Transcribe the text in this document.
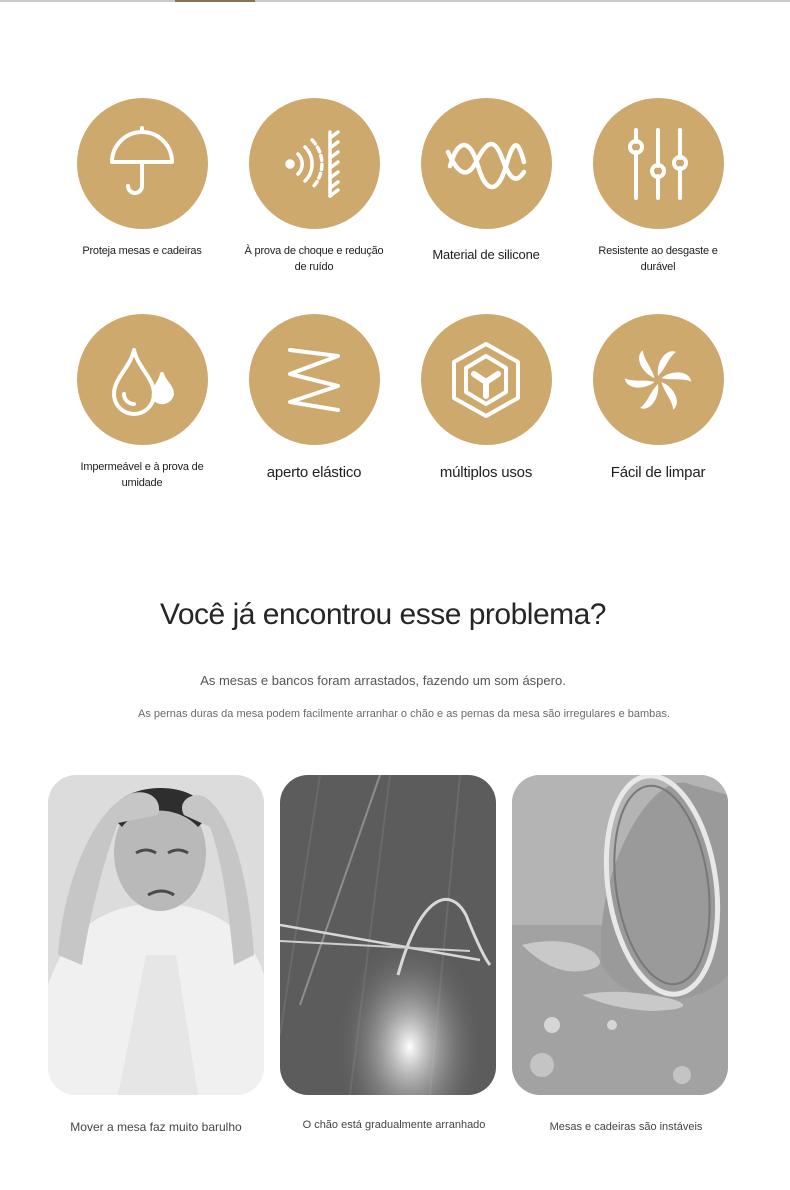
Proteja mesas e cadeiras	À prova de choque e redução de ruído
Material de silicone	Resistente ao desgaste e durável
Impermeável e à prova de umidade
aperto elástico	múltiplos usos	Fácil de limpar
Você já encontrou esse problema?
As mesas e bancos foram arrastados, fazendo um som áspero.
As pernas duras da mesa podem facilmente arranhar o chão e as pernas da mesa são irregulares e bambas.
Mover a mesa faz muito barulho	O chão está gradualmente arranhado	Mesas e cadeiras são instáveis
